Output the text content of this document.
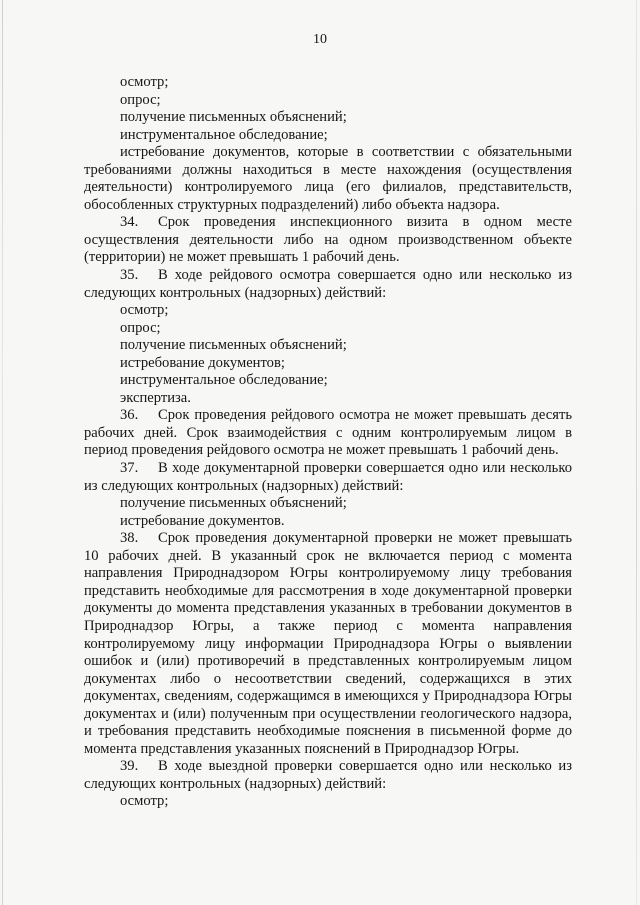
10

осмотр;

опрос;

получение письменных объяснений;

инструментальное обследование;

истребование документов, которые в соответствии с обязательными требованиями должны находиться в месте нахождения (осуществления деятельности) контролируемого лица (его филиалов, представительств, обособленных структурных подразделений) либо объекта надзора.

34. Срок проведения инспекционного визита в одном месте осуществления деятельности либо на одном производственном объекте (территории) не может превышать 1 рабочий день.

35. В ходе рейдового осмотра совершается одно или несколько из следующих контрольных (надзорных) действий:

осмотр;

опрос;

получение письменных объяснений;

истребование документов;

инструментальное обследование;

экспертиза.

36. Срок проведения рейдового осмотра не может превышать десять рабочих дней. Срок взаимодействия с одним контролируемым лицом в период проведения рейдового осмотра не может превышать 1 рабочий день.

37. В ходе документарной проверки совершается одно или несколько из следующих контрольных (надзорных) действий:

получение письменных объяснений;

истребование документов.

38. Срок проведения документарной проверки не может превышать 10 рабочих дней. В указанный срок не включается период с момента направления Природнадзором Югры контролируемому лицу требования представить необходимые для рассмотрения в ходе документарной проверки документы до момента представления указанных в требовании документов в Природнадзор Югры, а также период с момента направления контролируемому лицу информации Природнадзора Югры о выявлении ошибок и (или) противоречий в представленных контролируемым лицом документах либо о несоответствии сведений, содержащихся в этих документах, сведениям, содержащимся в имеющихся у Природнадзора Югры документах и (или) полученным при осуществлении геологического надзора, и требования представить необходимые пояснения в письменной форме до момента представления указанных пояснений в Природнадзор Югры.

39. В ходе выездной проверки совершается одно или несколько из следующих контрольных (надзорных) действий:

осмотр;
